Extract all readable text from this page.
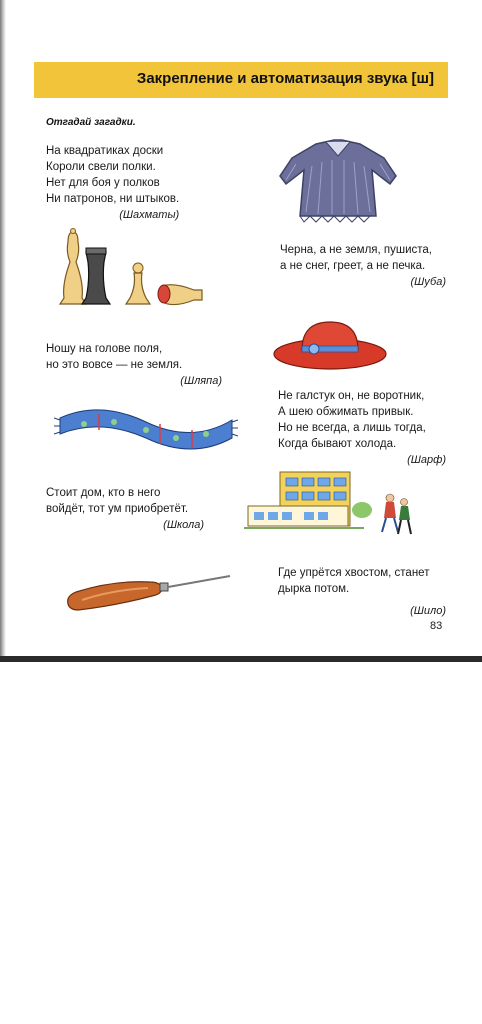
Закрепление и автоматизация звука [ш]
Отгадай загадки.
На квадратиках доски
Короли свели полки.
Нет для боя у полков
Ни патронов, ни штыков.
(Шахматы)
Черна, а не земля, пушиста,
а не снег, греет, а не печка.
(Шуба)
Ношу на голове поля,
но это вовсе — не земля.
(Шляпа)
Не галстук он, не воротник,
А шею обжимать привык.
Но не всегда, а лишь тогда,
Когда бывают холода.
(Шарф)
Стоит дом, кто в него
войдёт, тот ум приобретёт.
(Школа)
Где упрётся хвостом, станет
дырка потом.
(Шило)
83
